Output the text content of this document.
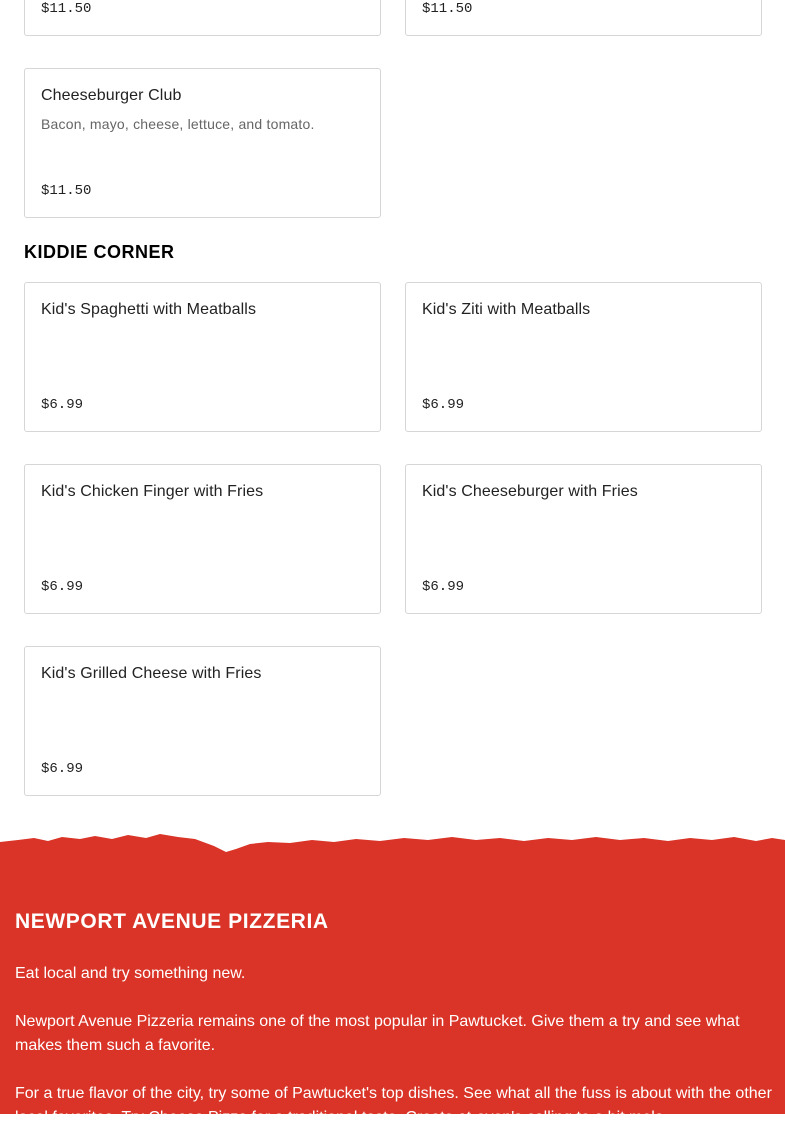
$11.50	$11.50
Cheeseburger Club
Bacon, mayo, cheese, lettuce, and tomato.
$11.50
KIDDIE CORNER
Kid's Spaghetti with Meatballs
$6.99
Kid's Ziti with Meatballs
$6.99
Kid's Chicken Finger with Fries
$6.99
Kid's Cheeseburger with Fries
$6.99
Kid's Grilled Cheese with Fries
$6.99
NEWPORT AVENUE PIZZERIA

Eat local and try something new.

Newport Avenue Pizzeria remains one of the most popular in Pawtucket. Give them a try and see what makes them such a favorite.

For a true flavor of the city, try some of Pawtucket's top dishes. See what all the fuss is about with the other local favorites. Try Cheese Pizza for a traditional taste. Create at-oven's calling to a bit mela
